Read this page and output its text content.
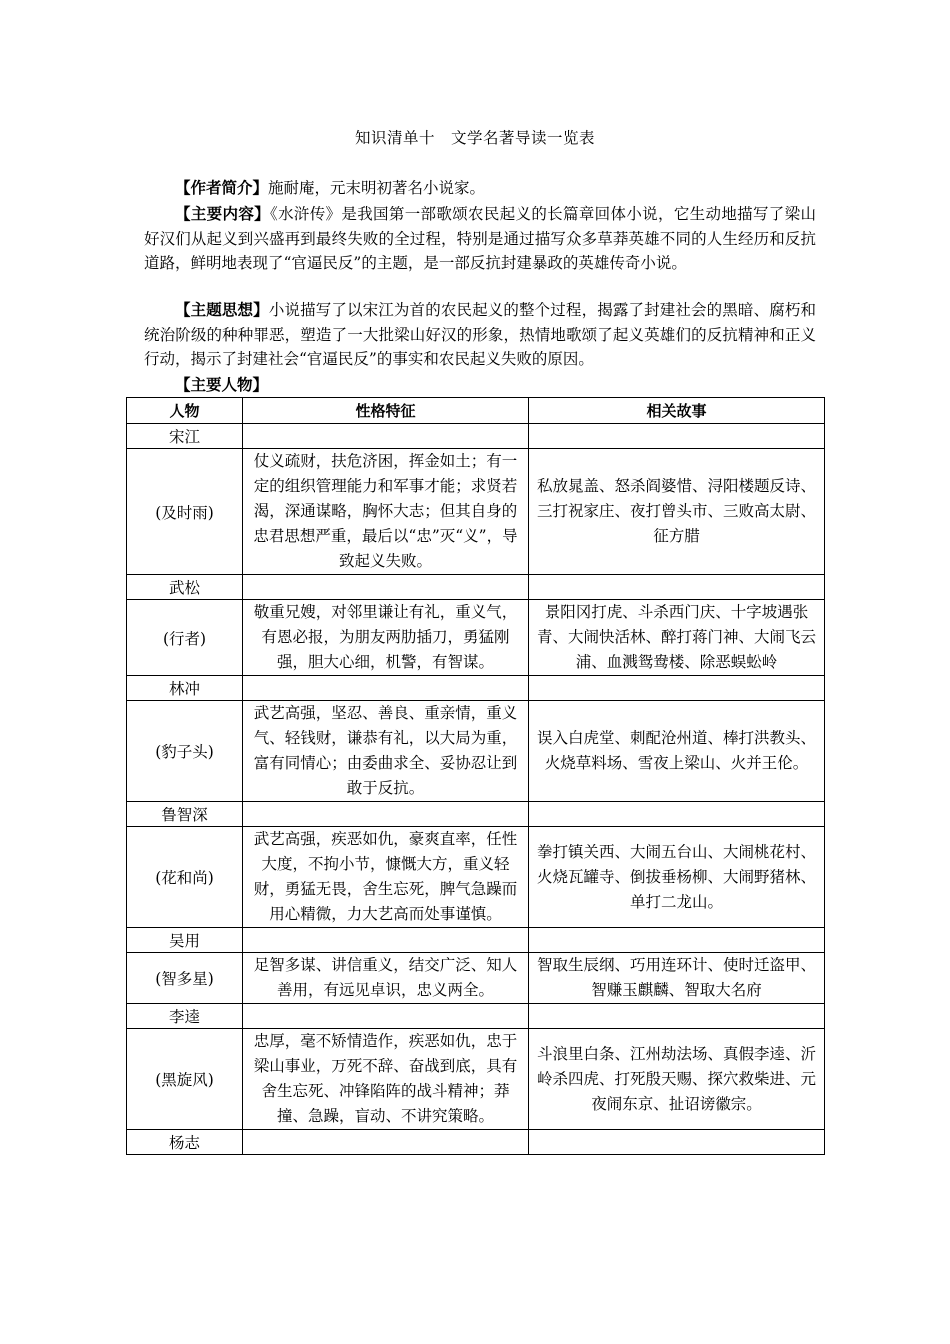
知识清单十　文学名著导读一览表
【作者简介】施耐庵，元末明初著名小说家。
【主要内容】《水浒传》是我国第一部歌颂农民起义的长篇章回体小说，它生动地描写了梁山好汉们从起义到兴盛再到最终失败的全过程，特别是通过描写众多草莽英雄不同的人生经历和反抗道路，鲜明地表现了“官逼民反”的主题，是一部反抗封建暴政的英雄传奇小说。
【主题思想】小说描写了以宋江为首的农民起义的整个过程，揭露了封建社会的黑暗、腐朽和统治阶级的种种罪恶，塑造了一大批梁山好汉的形象，热情地歌颂了起义英雄们的反抗精神和正义行动，揭示了封建社会“官逼民反”的事实和农民起义失败的原因。
【主要人物】
人物	性格特征	相关故事
宋江		
(及时雨)	仗义疏财，扶危济困，挥金如土；有一定的组织管理能力和军事才能；求贤若渴，深通谋略，胸怀大志；但其自身的忠君思想严重，最后以“忠”灭“义”，导致起义失败。	私放晁盖、怒杀阎婆惜、浔阳楼题反诗、三打祝家庄、夜打曾头市、三败高太尉、征方腊
武松		
(行者)	敬重兄嫂，对邻里谦让有礼，重义气，有恩必报，为朋友两肋插刀，勇猛刚强，胆大心细，机警，有智谋。	景阳冈打虎、斗杀西门庆、十字坡遇张青、大闹快活林、醉打蒋门神、大闹飞云浦、血溅鸳鸯楼、除恶蜈蚣岭
林冲		
(豹子头)	武艺高强，坚忍、善良、重亲情，重义气、轻钱财，谦恭有礼，以大局为重，富有同情心；由委曲求全、妥协忍让到敢于反抗。	误入白虎堂、刺配沧州道、棒打洪教头、火烧草料场、雪夜上梁山、火并王伦。
鲁智深		
(花和尚)	武艺高强，疾恶如仇，豪爽直率，任性大度，不拘小节，慷慨大方，重义轻财，勇猛无畏，舍生忘死，脾气急躁而用心精微，力大艺高而处事谨慎。	拳打镇关西、大闹五台山、大闹桃花村、火烧瓦罐寺、倒拔垂杨柳、大闹野猪林、单打二龙山。
吴用		
(智多星)	足智多谋、讲信重义，结交广泛、知人善用，有远见卓识，忠义两全。	智取生辰纲、巧用连环计、使时迁盗甲、智赚玉麒麟、智取大名府
李逵		
(黑旋风)	忠厚，毫不矫情造作，疾恶如仇，忠于梁山事业，万死不辞、奋战到底，具有舍生忘死、冲锋陷阵的战斗精神；莽撞、急躁，盲动、不讲究策略。	斗浪里白条、江州劫法场、真假李逵、沂岭杀四虎、打死殷天赐、探穴救柴进、元夜闹东京、扯诏谤徽宗。
杨志		
